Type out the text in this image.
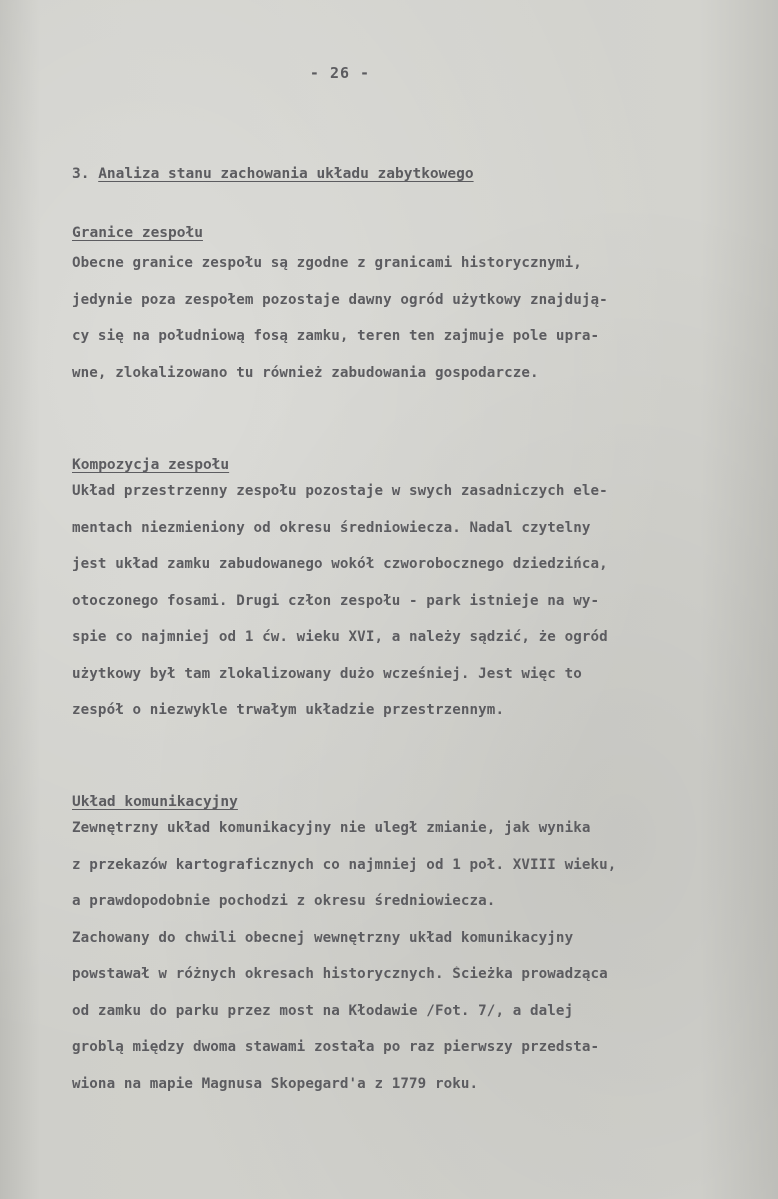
- 26 -
3. Analiza stanu zachowania układu zabytkowego
Granice zespołu
Obecne granice zespołu są zgodne z granicami historycznymi,
jedynie poza zespołem pozostaje dawny ogród użytkowy znajdują-
cy się na południową fosą zamku, teren ten zajmuje pole upra-
wne, zlokalizowano tu również zabudowania gospodarcze.
Kompozycja zespołu
Układ przestrzenny zespołu pozostaje w swych zasadniczych ele-
mentach niezmieniony od okresu średniowiecza. Nadal czytelny
jest układ zamku zabudowanego wokół czworobocznego dziedzińca,
otoczonego fosami. Drugi człon zespołu - park istnieje na wy-
spie co najmniej od 1 ćw. wieku XVI, a należy sądzić, że ogród
użytkowy był tam zlokalizowany dużo wcześniej. Jest więc to
zespół o niezwykle trwałym układzie przestrzennym.
Układ komunikacyjny
Zewnętrzny układ komunikacyjny nie uległ zmianie, jak wynika
z przekazów kartograficznych co najmniej od 1 poł. XVIII wieku,
a prawdopodobnie pochodzi z okresu średniowiecza.
Zachowany do chwili obecnej wewnętrzny układ komunikacyjny
powstawał w różnych okresach historycznych. Ścieżka prowadząca
od zamku do parku przez most na Kłodawie /Fot. 7/, a dalej
groblą między dwoma stawami została po raz pierwszy przedsta-
wiona na mapie Magnusa Skopegard'a z 1779 roku.
